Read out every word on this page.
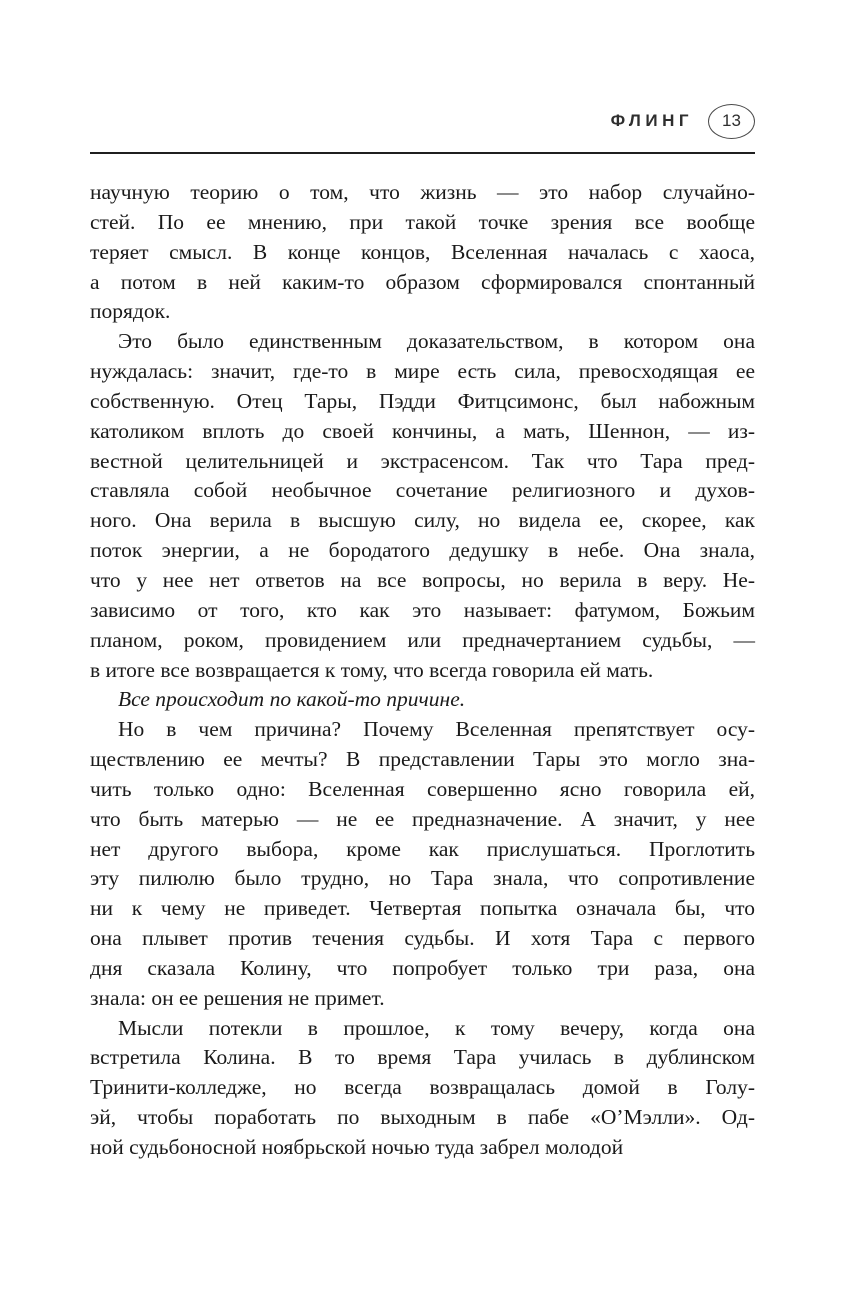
ФЛИНГ 13

научную теорию о том, что жизнь — это набор случайно-
стей. По ее мнению, при такой точке зрения все вообще
теряет смысл. В конце концов, Вселенная началась с хаоса,
а потом в ней каким-то образом сформировался спонтанный
порядок.

Это было единственным доказательством, в котором она
нуждалась: значит, где-то в мире есть сила, превосходящая ее
собственную. Отец Тары, Пэдди Фитцсимонс, был набожным
католиком вплоть до своей кончины, а мать, Шеннон, — из-
вестной целительницей и экстрасенсом. Так что Тара пред-
ставляла собой необычное сочетание религиозного и духов-
ного. Она верила в высшую силу, но видела ее, скорее, как
поток энергии, а не бородатого дедушку в небе. Она знала,
что у нее нет ответов на все вопросы, но верила в веру. Не-
зависимо от того, кто как это называет: фатумом, Божьим
планом, роком, провидением или предначертанием судьбы, —
в итоге все возвращается к тому, что всегда говорила ей мать.

Все происходит по какой-то причине.

Но в чем причина? Почему Вселенная препятствует осу-
ществлению ее мечты? В представлении Тары это могло зна-
чить только одно: Вселенная совершенно ясно говорила ей,
что быть матерью — не ее предназначение. А значит, у нее
нет другого выбора, кроме как прислушаться. Проглотить
эту пилюлю было трудно, но Тара знала, что сопротивление
ни к чему не приведет. Четвертая попытка означала бы, что
она плывет против течения судьбы. И хотя Тара с первого
дня сказала Колину, что попробует только три раза, она
знала: он ее решения не примет.

Мысли потекли в прошлое, к тому вечеру, когда она
встретила Колина. В то время Тара училась в дублинском
Тринити-колледже, но всегда возвращалась домой в Голу-
эй, чтобы поработать по выходным в пабе «О’Мэлли». Од-
ной судьбоносной ноябрьской ночью туда забрел молодой
